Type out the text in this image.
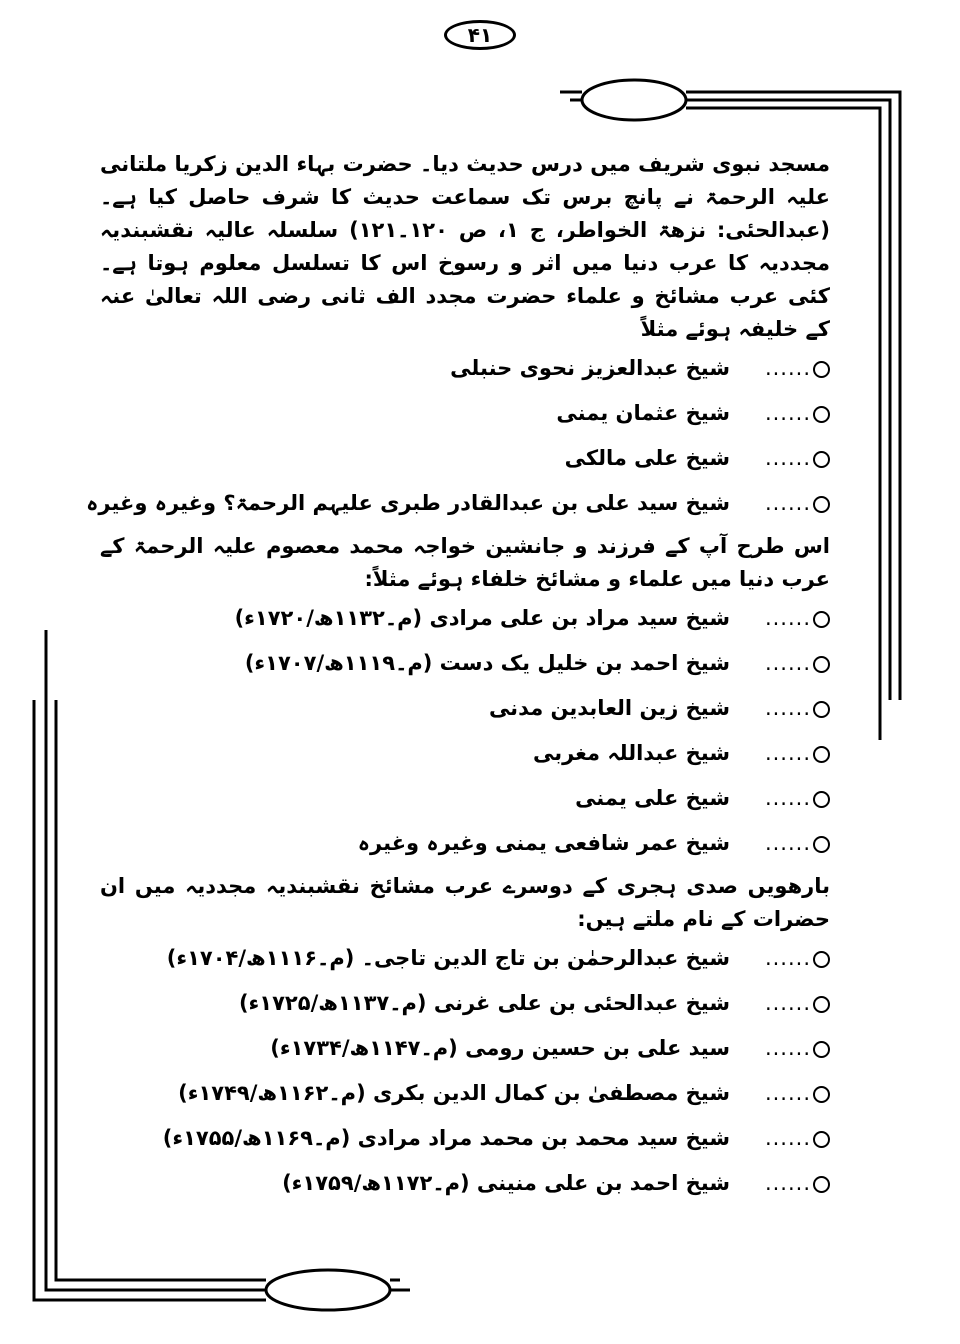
۴۱

مسجد نبوی شریف میں درس حدیث دیا۔ حضرت بہاء الدین زکریا ملتانی علیہ الرحمۃ نے پانچ برس تک سماعت حدیث کا شرف حاصل کیا ہے۔ (عبدالحئی: نزھۃ الخواطر، ج ۱، ص ۱۲۰۔۱۲۱) سلسلہ عالیہ نقشبندیہ مجددیہ کا عرب دنیا میں اثر و رسوخ اس کا تسلسل معلوم ہوتا ہے۔ کئی عرب مشائخ و علماء حضرت مجدد الف ثانی رضی اللہ تعالیٰ عنہ کے خلیفہ ہوئے مثلاً

......
شیخ عبدالعزیز نحوی حنبلی
......
شیخ عثمان یمنی
......
شیخ علی مالکی
......
شیخ سید علی بن عبدالقادر طبری علیہم الرحمۃ؟ وغیرہ وغیرہ

اس طرح آپ کے فرزند و جانشین خواجہ محمد معصوم علیہ الرحمۃ کے عرب دنیا میں علماء و مشائخ خلفاء ہوئے مثلاً:

......
شیخ سید مراد بن علی مرادی (م۔۱۱۳۲ھ/۱۷۲۰ء)
......
شیخ احمد بن خلیل یک دست (م۔۱۱۱۹ھ/۱۷۰۷ء)
......
شیخ زین العابدین مدنی
......
شیخ عبداللہ مغربی
......
شیخ علی یمنی
......
شیخ عمر شافعی یمنی وغیرہ وغیرہ

بارھویں صدی ہجری کے دوسرے عرب مشائخ نقشبندیہ مجددیہ میں ان حضرات کے نام ملتے ہیں:

......
شیخ عبدالرحمٰن بن تاج الدین تاجی۔ (م۔۱۱۱۶ھ/۱۷۰۴ء)
......
شیخ عبدالحئی بن علی غرنی (م۔۱۱۳۷ھ/۱۷۲۵ء)
......
سید علی بن حسین رومی (م۔۱۱۴۷ھ/۱۷۳۴ء)
......
شیخ مصطفیٰ بن کمال الدین بکری (م۔۱۱۶۲ھ/۱۷۴۹ء)
......
شیخ سید محمد بن محمد مراد مرادی (م۔۱۱۶۹ھ/۱۷۵۵ء)
......
شیخ احمد بن علی منینی (م۔۱۱۷۲ھ/۱۷۵۹ء)
